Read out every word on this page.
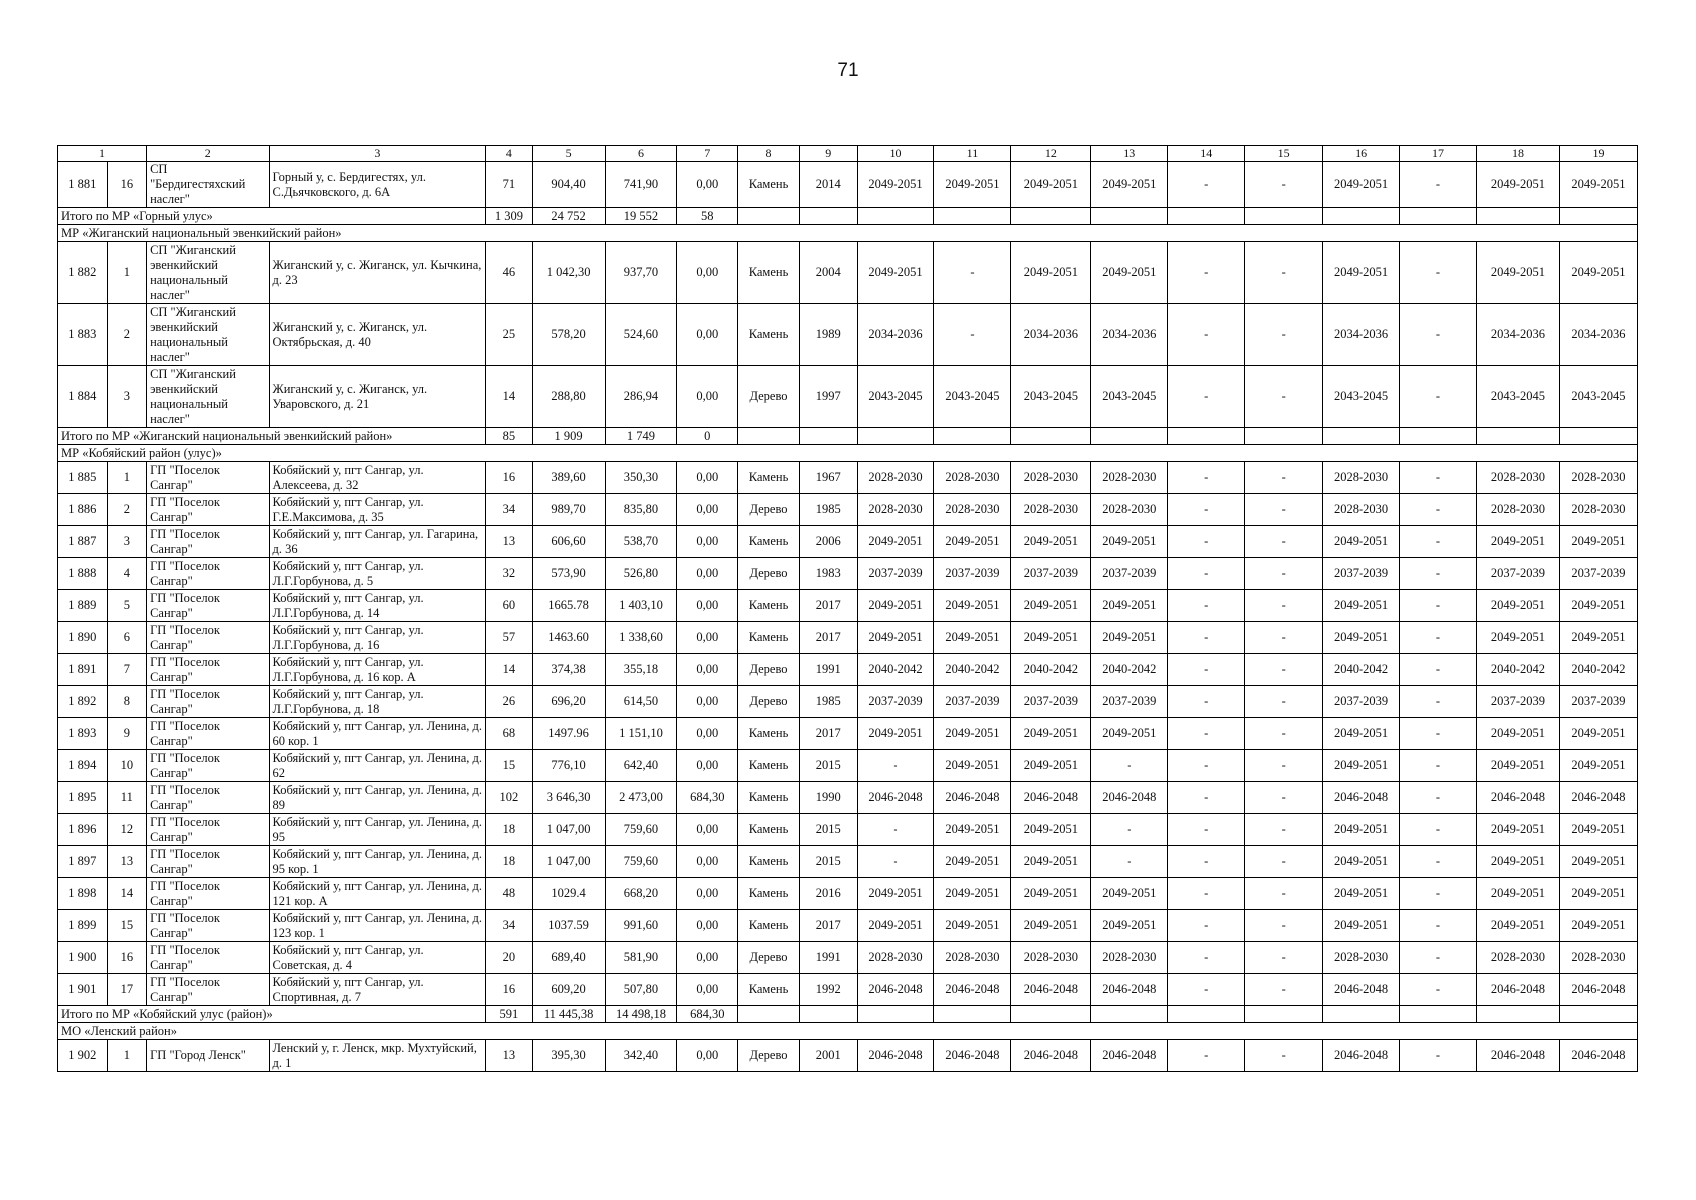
71
1		2	3	4	5	6	7	8	9	10	11	12	13	14	15	16	17	18	19
1 881	16	СП "Бердигестяхский наслег"	Горный у, с. Бердигестях, ул. С.Дьячковского, д. 6А	71	904,40	741,90	0,00	Камень	2014	2049-2051	2049-2051	2049-2051	2049-2051	-	-	2049-2051	-	2049-2051	2049-2051
Итого по МР «Горный улус»				1 309	24 752	19 552	58												
МР «Жиганский национальный эвенкийский район»																			
1 882	1	СП "Жиганский эвенкийский национальный наслег"	Жиганский у, с. Жиганск, ул. Кычкина, д. 23	46	1 042,30	937,70	0,00	Камень	2004	2049-2051	-	2049-2051	2049-2051	-	-	2049-2051	-	2049-2051	2049-2051
1 883	2	СП "Жиганский эвенкийский национальный наслег"	Жиганский у, с. Жиганск, ул. Октябрьская, д. 40	25	578,20	524,60	0,00	Камень	1989	2034-2036	-	2034-2036	2034-2036	-	-	2034-2036	-	2034-2036	2034-2036
1 884	3	СП "Жиганский эвенкийский национальный наслег"	Жиганский у, с. Жиганск, ул. Уваровского, д. 21	14	288,80	286,94	0,00	Дерево	1997	2043-2045	2043-2045	2043-2045	2043-2045	-	-	2043-2045	-	2043-2045	2043-2045
Итого по МР «Жиганский национальный эвенкийский район»				85	1 909	1 749	0												
МР «Кобяйский район (улус)»																			
1 885	1	ГП "Поселок Сангар"	Кобяйский у, пгт Сангар, ул. Алексеева, д. 32	16	389,60	350,30	0,00	Камень	1967	2028-2030	2028-2030	2028-2030	2028-2030	-	-	2028-2030	-	2028-2030	2028-2030
1 886	2	ГП "Поселок Сангар"	Кобяйский у, пгт Сангар, ул. Г.Е.Максимова, д. 35	34	989,70	835,80	0,00	Дерево	1985	2028-2030	2028-2030	2028-2030	2028-2030	-	-	2028-2030	-	2028-2030	2028-2030
1 887	3	ГП "Поселок Сангар"	Кобяйский у, пгт Сангар, ул. Гагарина, д. 36	13	606,60	538,70	0,00	Камень	2006	2049-2051	2049-2051	2049-2051	2049-2051	-	-	2049-2051	-	2049-2051	2049-2051
1 888	4	ГП "Поселок Сангар"	Кобяйский у, пгт Сангар, ул. Л.Г.Горбунова, д. 5	32	573,90	526,80	0,00	Дерево	1983	2037-2039	2037-2039	2037-2039	2037-2039	-	-	2037-2039	-	2037-2039	2037-2039
1 889	5	ГП "Поселок Сангар"	Кобяйский у, пгт Сангар, ул. Л.Г.Горбунова, д. 14	60	1665.78	1 403,10	0,00	Камень	2017	2049-2051	2049-2051	2049-2051	2049-2051	-	-	2049-2051	-	2049-2051	2049-2051
1 890	6	ГП "Поселок Сангар"	Кобяйский у, пгт Сангар, ул. Л.Г.Горбунова, д. 16	57	1463.60	1 338,60	0,00	Камень	2017	2049-2051	2049-2051	2049-2051	2049-2051	-	-	2049-2051	-	2049-2051	2049-2051
1 891	7	ГП "Поселок Сангар"	Кобяйский у, пгт Сангар, ул. Л.Г.Горбунова, д. 16 кор. А	14	374,38	355,18	0,00	Дерево	1991	2040-2042	2040-2042	2040-2042	2040-2042	-	-	2040-2042	-	2040-2042	2040-2042
1 892	8	ГП "Поселок Сангар"	Кобяйский у, пгт Сангар, ул. Л.Г.Горбунова, д. 18	26	696,20	614,50	0,00	Дерево	1985	2037-2039	2037-2039	2037-2039	2037-2039	-	-	2037-2039	-	2037-2039	2037-2039
1 893	9	ГП "Поселок Сангар"	Кобяйский у, пгт Сангар, ул. Ленина, д. 60 кор. 1	68	1497.96	1 151,10	0,00	Камень	2017	2049-2051	2049-2051	2049-2051	2049-2051	-	-	2049-2051	-	2049-2051	2049-2051
1 894	10	ГП "Поселок Сангар"	Кобяйский у, пгт Сангар, ул. Ленина, д. 62	15	776,10	642,40	0,00	Камень	2015	-	2049-2051	2049-2051	-	-	-	2049-2051	-	2049-2051	2049-2051
1 895	11	ГП "Поселок Сангар"	Кобяйский у, пгт Сангар, ул. Ленина, д. 89	102	3 646,30	2 473,00	684,30	Камень	1990	2046-2048	2046-2048	2046-2048	2046-2048	-	-	2046-2048	-	2046-2048	2046-2048
1 896	12	ГП "Поселок Сангар"	Кобяйский у, пгт Сангар, ул. Ленина, д. 95	18	1 047,00	759,60	0,00	Камень	2015	-	2049-2051	2049-2051	-	-	-	2049-2051	-	2049-2051	2049-2051
1 897	13	ГП "Поселок Сангар"	Кобяйский у, пгт Сангар, ул. Ленина, д. 95 кор. 1	18	1 047,00	759,60	0,00	Камень	2015	-	2049-2051	2049-2051	-	-	-	2049-2051	-	2049-2051	2049-2051
1 898	14	ГП "Поселок Сангар"	Кобяйский у, пгт Сангар, ул. Ленина, д. 121 кор. А	48	1029.4	668,20	0,00	Камень	2016	2049-2051	2049-2051	2049-2051	2049-2051	-	-	2049-2051	-	2049-2051	2049-2051
1 899	15	ГП "Поселок Сангар"	Кобяйский у, пгт Сангар, ул. Ленина, д. 123 кор. 1	34	1037.59	991,60	0,00	Камень	2017	2049-2051	2049-2051	2049-2051	2049-2051	-	-	2049-2051	-	2049-2051	2049-2051
1 900	16	ГП "Поселок Сангар"	Кобяйский у, пгт Сангар, ул. Советская, д. 4	20	689,40	581,90	0,00	Дерево	1991	2028-2030	2028-2030	2028-2030	2028-2030	-	-	2028-2030	-	2028-2030	2028-2030
1 901	17	ГП "Поселок Сангар"	Кобяйский у, пгт Сангар, ул. Спортивная, д. 7	16	609,20	507,80	0,00	Камень	1992	2046-2048	2046-2048	2046-2048	2046-2048	-	-	2046-2048	-	2046-2048	2046-2048
Итого по МР «Кобяйский улус (район)»				591	11 445,38	14 498,18	684,30												
МО «Ленский район»																			
1 902	1	ГП "Город Ленск"	Ленский у, г. Ленск, мкр. Мухтуйский, д. 1	13	395,30	342,40	0,00	Дерево	2001	2046-2048	2046-2048	2046-2048	2046-2048	-	-	2046-2048	-	2046-2048	2046-2048
